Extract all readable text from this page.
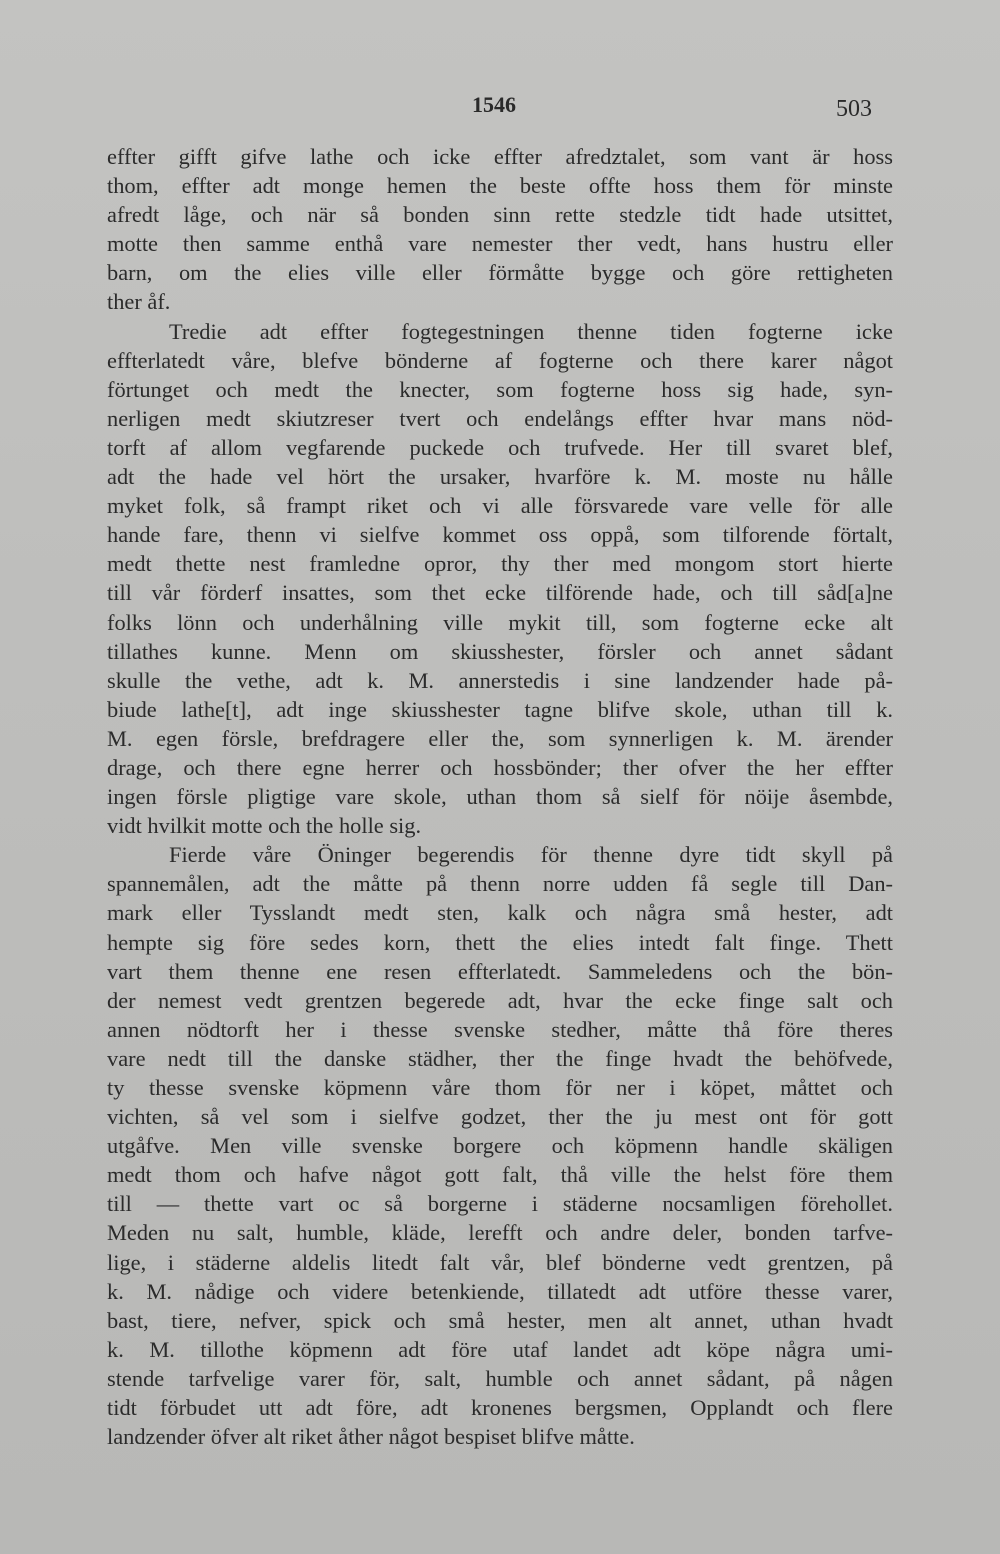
1546	503
effter gifft gifve lathe och icke effter afredztalet, som vant är hoss
thom, effter adt monge hemen the beste offte hoss them för minste
afredt låge, och när så bonden sinn rette stedzle tidt hade utsittet,
motte then samme enthå vare nemester ther vedt, hans hustru eller
barn, om the elies ville eller förmåtte bygge och göre rettigheten
ther åf.
Tredie adt effter fogtegestningen thenne tiden fogterne icke
effterlatedt våre, blefve bönderne af fogterne och there karer något
förtunget och medt the knecter, som fogterne hoss sig hade, syn-
nerligen medt skiutzreser tvert och endelångs effter hvar mans nöd-
torft af allom vegfarende puckede och trufvede. Her till svaret blef,
adt the hade vel hört the ursaker, hvarföre k. M. moste nu hålle
myket folk, så frampt riket och vi alle försvarede vare velle för alle
hande fare, thenn vi sielfve kommet oss oppå, som tilforende förtalt,
medt thette nest framledne opror, thy ther med mongom stort hierte
till vår förderf insattes, som thet ecke tilförende hade, och till såd[a]ne
folks lönn och underhålning ville mykit till, som fogterne ecke alt
tillathes kunne. Menn om skiusshester, försler och annet sådant
skulle the vethe, adt k. M. annerstedis i sine landzender hade på-
biude lathe[t], adt inge skiusshester tagne blifve skole, uthan till k.
M. egen försle, brefdragere eller the, som synnerligen k. M. ärender
drage, och there egne herrer och hossbönder; ther ofver the her effter
ingen försle pligtige vare skole, uthan thom så sielf för nöije åsembde,
vidt hvilkit motte och the holle sig.
Fierde våre Öninger begerendis för thenne dyre tidt skyll på
spannemålen, adt the måtte på thenn norre udden få segle till Dan-
mark eller Tysslandt medt sten, kalk och några små hester, adt
hempte sig före sedes korn, thett the elies intedt falt finge. Thett
vart them thenne ene resen effterlatedt. Sammeledens och the bön-
der nemest vedt grentzen begerede adt, hvar the ecke finge salt och
annen nödtorft her i thesse svenske stedher, måtte thå före theres
vare nedt till the danske städher, ther the finge hvadt the behöfvede,
ty thesse svenske köpmenn våre thom för ner i köpet, måttet och
vichten, så vel som i sielfve godzet, ther the ju mest ont för gott
utgåfve. Men ville svenske borgere och köpmenn handle skäligen
medt thom och hafve något gott falt, thå ville the helst före them
till — thette vart oc så borgerne i städerne nocsamligen föreh​ollet.
Meden nu salt, humble, kläde, lerefft och andre deler, bonden tarfve-
lige, i städerne aldelis litedt falt vår, blef bönderne vedt grentzen, på
k. M. nådige och videre betenkiende, tillatedt adt utföre thesse varer,
bast, tiere, nefver, spick och små hester, men alt annet, uthan hvadt
k. M. tillothe köpmenn adt före utaf landet adt köpe några umi-
stende tarfvelige varer för, salt, humble och annet sådant, på någen
tidt förbudet utt adt före, adt kronenes bergsmen, Opplandt och flere
landzender öfver alt riket åther något bespiset blifve måtte.
